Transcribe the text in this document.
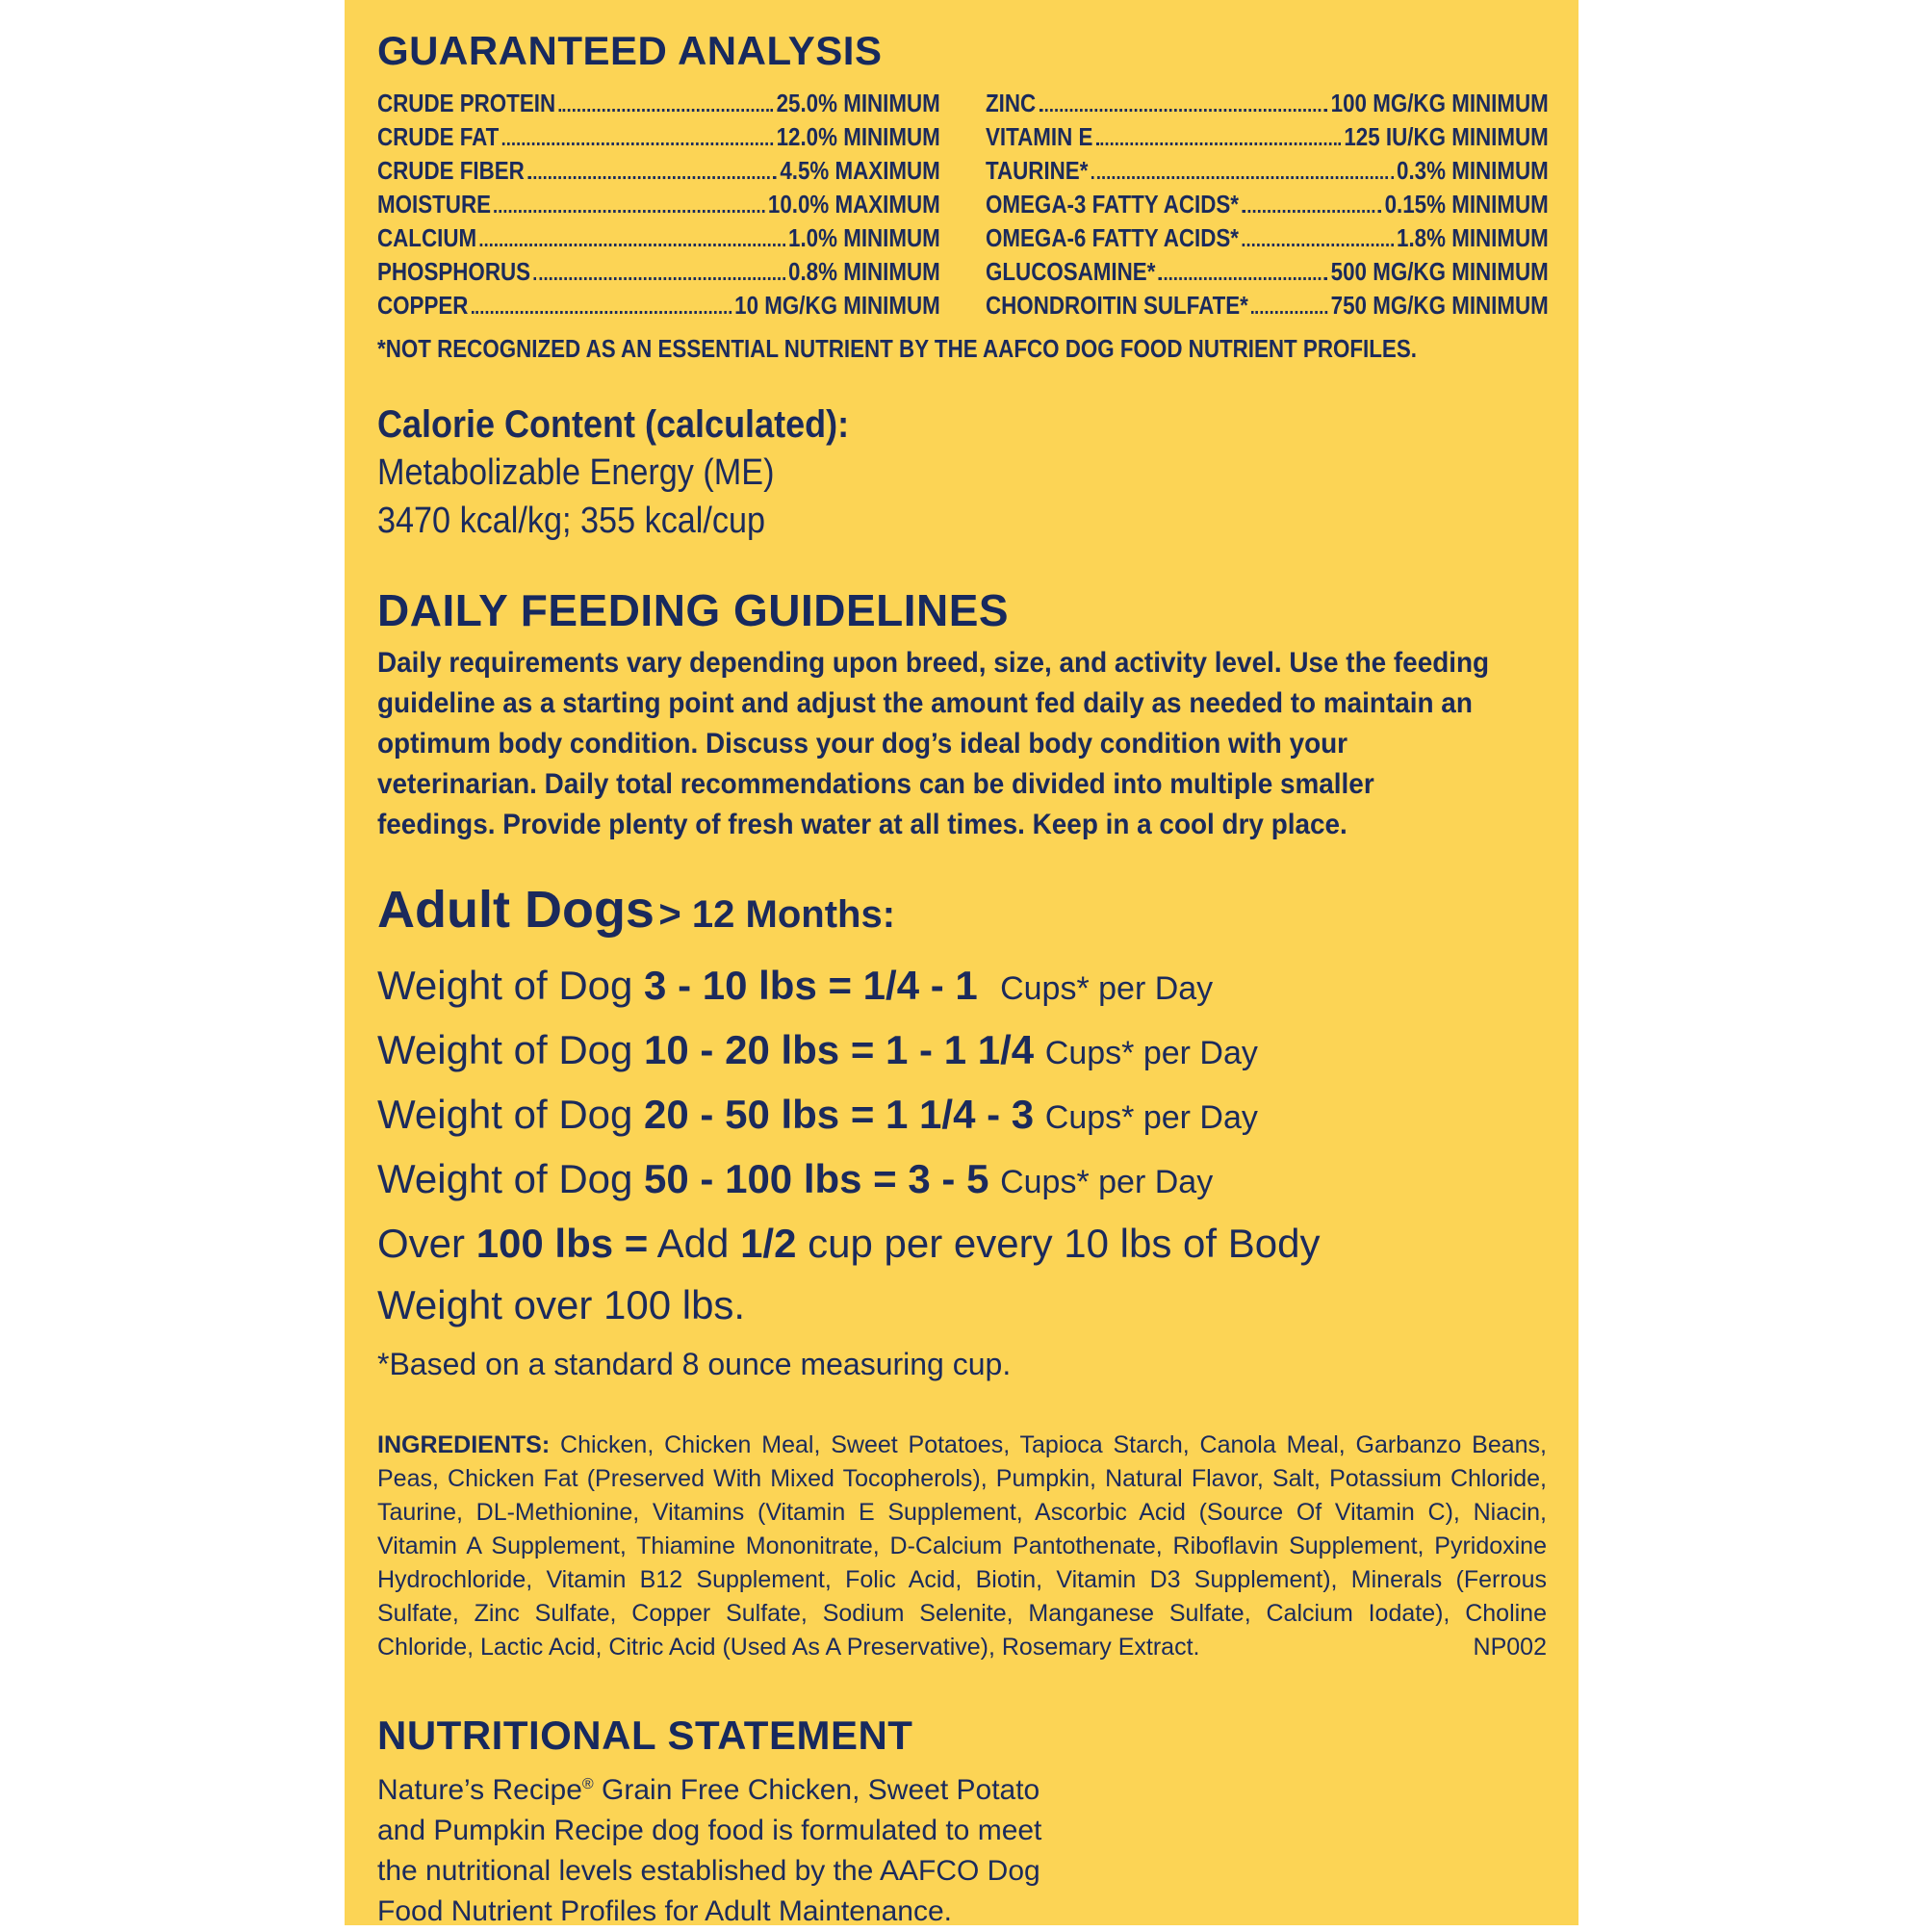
GUARANTEED ANALYSIS
CRUDE PROTEIN	25.0% MINIMUM
CRUDE FAT	12.0% MINIMUM
CRUDE FIBER	4.5% MAXIMUM
MOISTURE	10.0% MAXIMUM
CALCIUM	1.0% MINIMUM
PHOSPHORUS	0.8% MINIMUM
COPPER	10 MG/KG MINIMUM
ZINC	100 MG/KG MINIMUM
VITAMIN E	125 IU/KG MINIMUM
TAURINE*	0.3% MINIMUM
OMEGA-3 FATTY ACIDS*	0.15% MINIMUM
OMEGA-6 FATTY ACIDS*	1.8% MINIMUM
GLUCOSAMINE*	500 MG/KG MINIMUM
CHONDROITIN SULFATE*	750 MG/KG MINIMUM
*NOT RECOGNIZED AS AN ESSENTIAL NUTRIENT BY THE AAFCO DOG FOOD NUTRIENT PROFILES.
Calorie Content (calculated):
Metabolizable Energy (ME)
3470 kcal/kg; 355 kcal/cup
DAILY FEEDING GUIDELINES
Daily requirements vary depending upon breed, size, and activity level. Use the feeding guideline as a starting point and adjust the amount fed daily as needed to maintain an optimum body condition. Discuss your dog’s ideal body condition with your veterinarian. Daily total recommendations can be divided into multiple smaller feedings. Provide plenty of fresh water at all times. Keep in a cool dry place.
Adult Dogs > 12 Months:
Weight of Dog 3 - 10 lbs = 1/4 - 1 Cups* per Day
Weight of Dog 10 - 20 lbs = 1 - 1 1/4 Cups* per Day
Weight of Dog 20 - 50 lbs = 1 1/4 - 3 Cups* per Day
Weight of Dog 50 - 100 lbs = 3 - 5 Cups* per Day
Over 100 lbs = Add 1/2 cup per every 10 lbs of Body
Weight over 100 lbs.
*Based on a standard 8 ounce measuring cup.
INGREDIENTS: Chicken, Chicken Meal, Sweet Potatoes, Tapioca Starch, Canola Meal, Garbanzo Beans, Peas, Chicken Fat (Preserved With Mixed Tocopherols), Pumpkin, Natural Flavor, Salt, Potassium Chloride, Taurine, DL-Methionine, Vitamins (Vitamin E Supplement, Ascorbic Acid (Source Of Vitamin C), Niacin, Vitamin A Supplement, Thiamine Mononitrate, D-Calcium Pantothenate, Riboflavin Supplement, Pyridoxine Hydrochloride, Vitamin B12 Supplement, Folic Acid, Biotin, Vitamin D3 Supplement), Minerals (Ferrous Sulfate, Zinc Sulfate, Copper Sulfate, Sodium Selenite, Manganese Sulfate, Calcium Iodate), Choline Chloride, Lactic Acid, Citric Acid (Used As A Preservative), Rosemary Extract.	NP002
NUTRITIONAL STATEMENT
Nature’s Recipe® Grain Free Chicken, Sweet Potato and Pumpkin Recipe dog food is formulated to meet the nutritional levels established by the AAFCO Dog Food Nutrient Profiles for Adult Maintenance.
